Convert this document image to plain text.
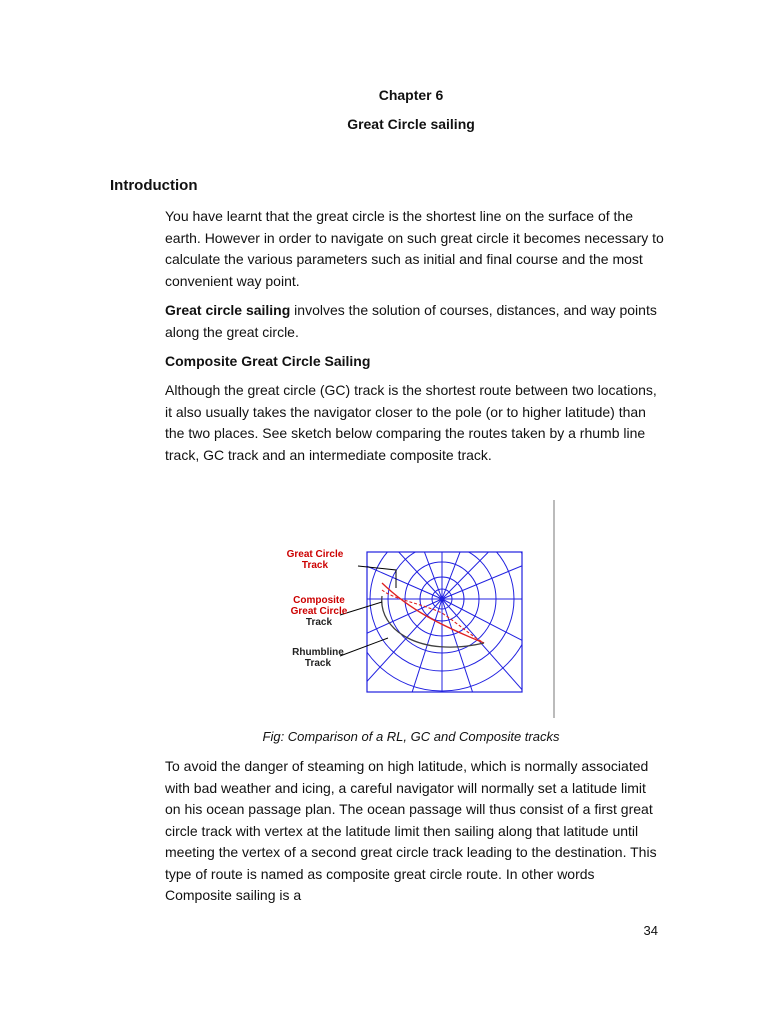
Chapter 6
Great Circle sailing
Introduction

You have learnt that the great circle is the shortest line on the surface of the earth. However in order to navigate on such great circle it becomes necessary to calculate the various parameters such as initial and final course and the most convenient way point.

Great circle sailing involves the solution of courses, distances, and way points along the great circle.

Composite Great Circle Sailing

Although the great circle (GC) track is the shortest route between two locations, it also usually takes the navigator closer to the pole (or to higher latitude) than the two places. See sketch below comparing the routes taken by a rhumb line track, GC track and an intermediate composite track.

Great Circle
Track
Composite
Great Circle
Track
Rhumbline
Track
Fig: Comparison of a RL, GC and Composite tracks

To avoid the danger of steaming on high latitude, which is normally associated with bad weather and icing, a careful navigator will normally set a latitude limit on his ocean passage plan. The ocean passage will thus consist of a first great circle track with vertex at the latitude limit then sailing along that latitude until meeting the vertex of a second great circle track leading to the destination. This type of route is named as composite great circle route. In other words Composite sailing is a

34
